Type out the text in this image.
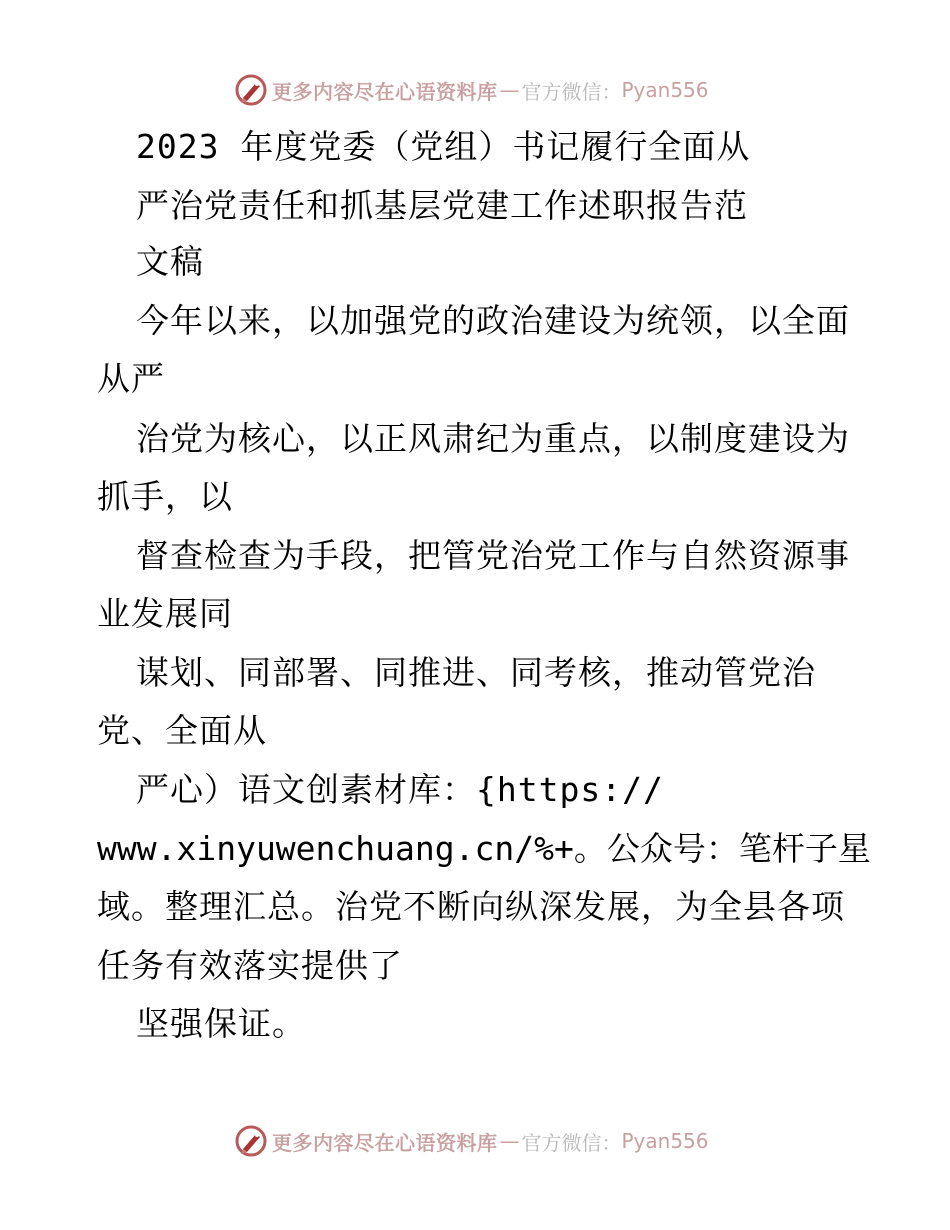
更多内容尽在心语资料库 — 官方微信： Pyan556
2023 年度党委（党组）书记履行全面从
严治党责任和抓基层党建工作述职报告范
文稿
今年以来，以加强党的政治建设为统领，以全面
从严
治党为核心，以正风肃纪为重点，以制度建设为
抓手，以
督查检查为手段，把管党治党工作与自然资源事
业发展同
谋划、同部署、同推进、同考核，推动管党治
党、全面从
严心）语文创素材库：{https://
www.xinyuwenchuang.cn/%+。公众号：笔杆子星
域。整理汇总。治党不断向纵深发展，为全县各项
任务有效落实提供了
坚强保证。
更多内容尽在心语资料库 — 官方微信： Pyan556
